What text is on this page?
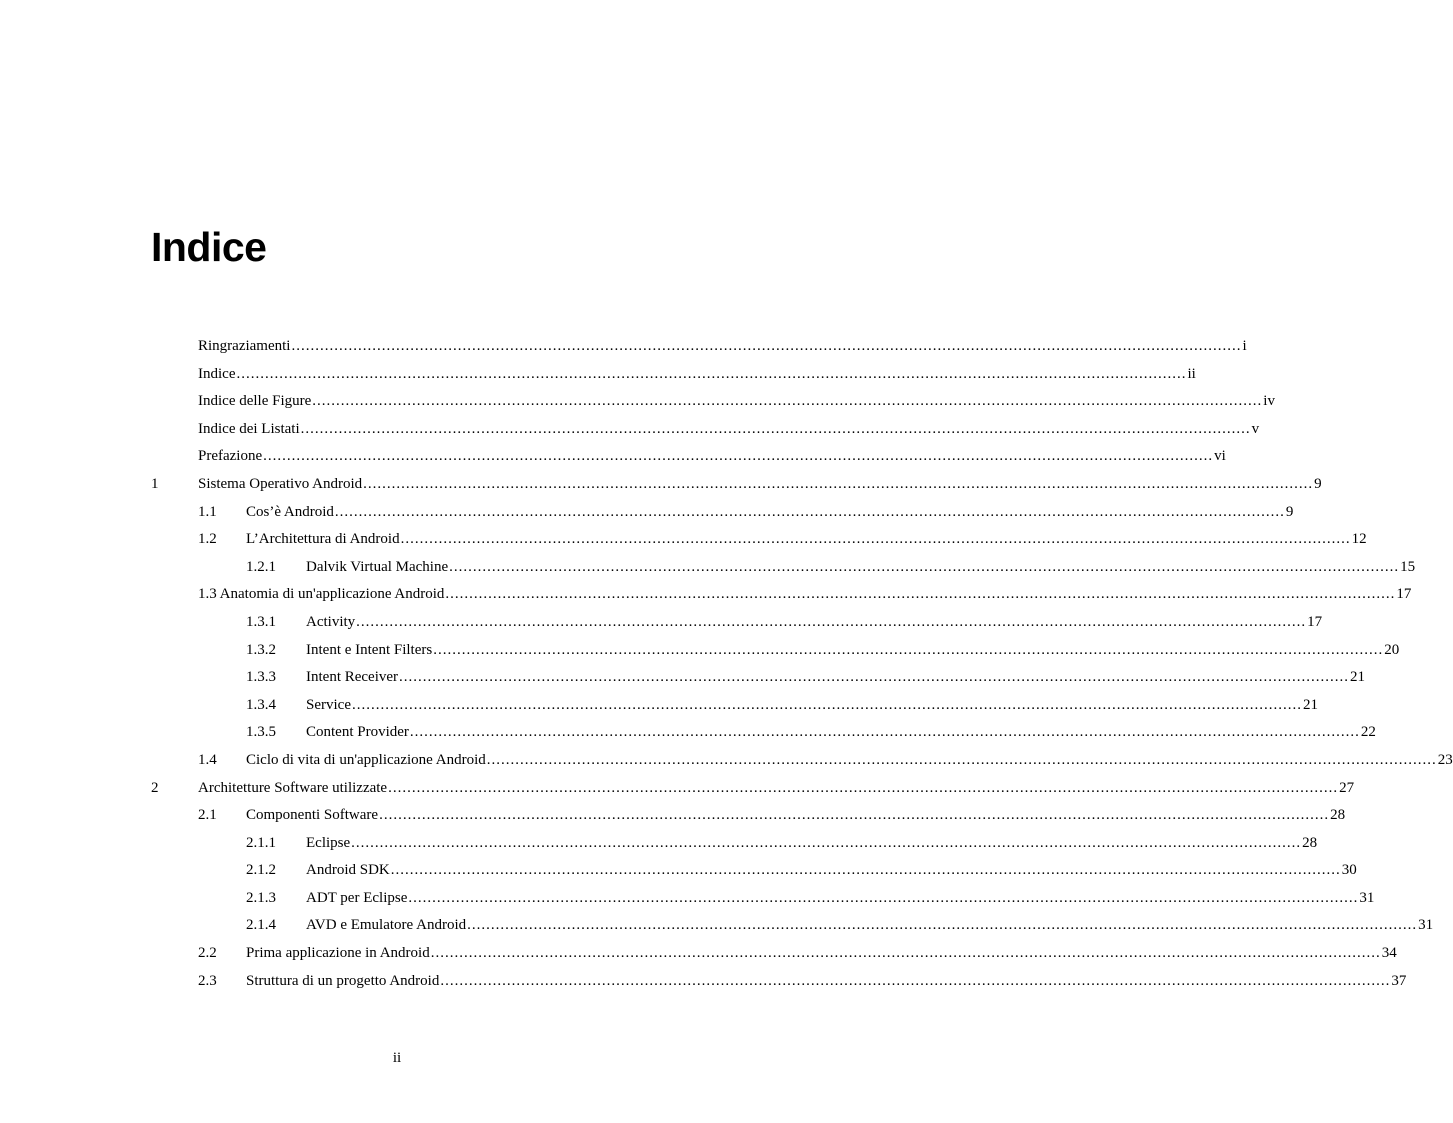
Indice
Ringraziamenti ........................................................................................................................................................................................................ i
Indice ........................................................................................................................................................................................................ ii
Indice delle Figure ........................................................................................................................................................................................................ iv
Indice dei Listati ........................................................................................................................................................................................................ v
Prefazione ........................................................................................................................................................................................................ vi
1	Sistema Operativo Android ........................................................................................................................................................................................................ 9
1.1 Cos’è Android ........................................................................................................................................................................................................ 9
1.2 L’Architettura di Android ........................................................................................................................................................................................................ 12
1.2.1 Dalvik Virtual Machine ........................................................................................................................................................................................................ 15
1.3 Anatomia di un'applicazione Android ........................................................................................................................................................................................................ 17
1.3.1 Activity ........................................................................................................................................................................................................ 17
1.3.2 Intent e Intent Filters ........................................................................................................................................................................................................ 20
1.3.3 Intent Receiver ........................................................................................................................................................................................................ 21
1.3.4 Service ........................................................................................................................................................................................................ 21
1.3.5 Content Provider ........................................................................................................................................................................................................ 22
1.4 Ciclo di vita di un'applicazione Android ........................................................................................................................................................................................................ 23
2	Architetture Software utilizzate ........................................................................................................................................................................................................ 27
2.1 Componenti Software ........................................................................................................................................................................................................ 28
2.1.1 Eclipse ........................................................................................................................................................................................................ 28
2.1.2 Android SDK ........................................................................................................................................................................................................ 30
2.1.3 ADT per Eclipse ........................................................................................................................................................................................................ 31
2.1.4 AVD e Emulatore Android ........................................................................................................................................................................................................ 31
2.2 Prima applicazione in Android ........................................................................................................................................................................................................ 34
2.3 Struttura di un progetto Android ........................................................................................................................................................................................................ 37
ii
